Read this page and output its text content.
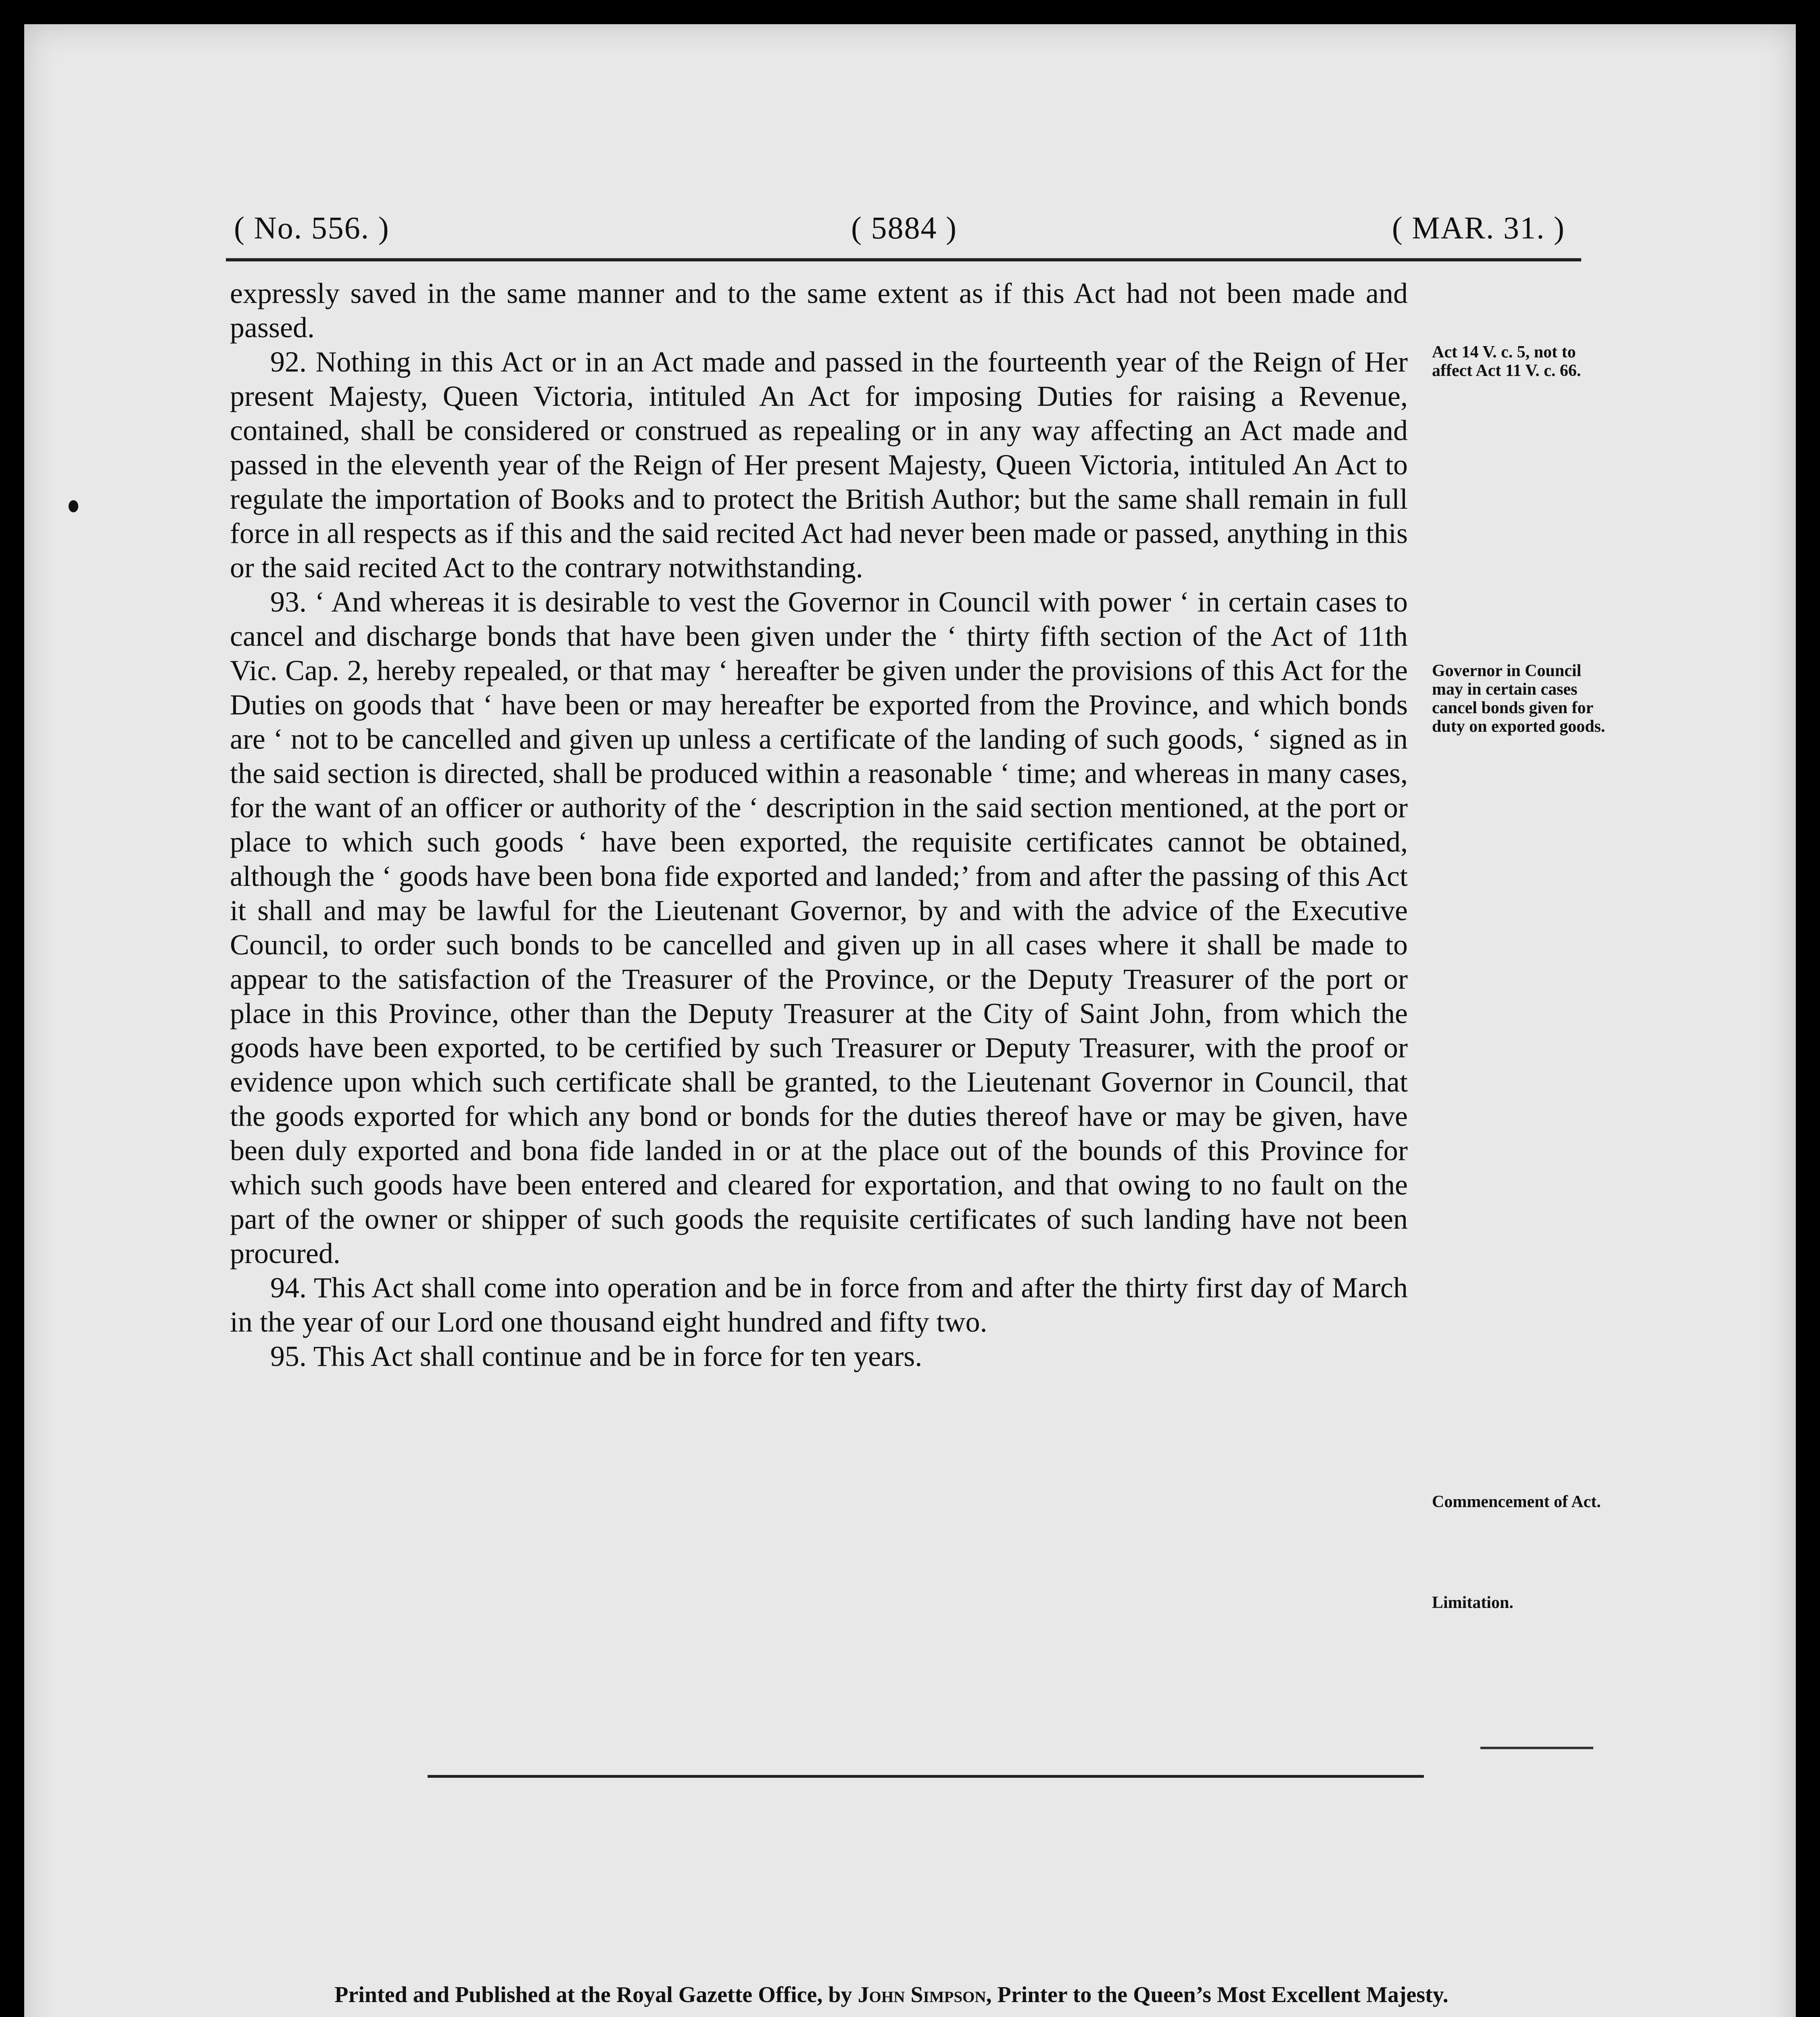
( No. 556. )	( 5884 )	( MAR. 31. )

expressly saved in the same manner and to the same extent as if this Act had not been made and passed.

92. Nothing in this Act or in an Act made and passed in the fourteenth year of the Reign of Her present Majesty, Queen Victoria, intituled An Act for imposing Duties for raising a Revenue, contained, shall be considered or construed as repealing or in any way affecting an Act made and passed in the eleventh year of the Reign of Her present Majesty, Queen Victoria, intituled An Act to regulate the importation of Books and to protect the British Author; but the same shall remain in full force in all respects as if this and the said recited Act had never been made or passed, anything in this or the said recited Act to the contrary notwithstanding.

93. ‘ And whereas it is desirable to vest the Governor in Council with power ‘ in certain cases to cancel and discharge bonds that have been given under the ‘ thirty fifth section of the Act of 11th Vic. Cap. 2, hereby repealed, or that may ‘ hereafter be given under the provisions of this Act for the Duties on goods that ‘ have been or may hereafter be exported from the Province, and which bonds are ‘ not to be cancelled and given up unless a certificate of the landing of such goods, ‘ signed as in the said section is directed, shall be produced within a reasonable ‘ time; and whereas in many cases, for the want of an officer or authority of the ‘ description in the said section mentioned, at the port or place to which such goods ‘ have been exported, the requisite certificates cannot be obtained, although the ‘ goods have been bona fide exported and landed;’ from and after the passing of this Act it shall and may be lawful for the Lieutenant Governor, by and with the advice of the Executive Council, to order such bonds to be cancelled and given up in all cases where it shall be made to appear to the satisfaction of the Treasurer of the Province, or the Deputy Treasurer of the port or place in this Province, other than the Deputy Treasurer at the City of Saint John, from which the goods have been exported, to be certified by such Treasurer or Deputy Treasurer, with the proof or evidence upon which such certificate shall be granted, to the Lieutenant Governor in Council, that the goods exported for which any bond or bonds for the duties thereof have or may be given, have been duly exported and bona fide landed in or at the place out of the bounds of this Province for which such goods have been entered and cleared for exportation, and that owing to no fault on the part of the owner or shipper of such goods the requisite certificates of such landing have not been procured.

94. This Act shall come into operation and be in force from and after the thirty first day of March in the year of our Lord one thousand eight hundred and fifty two.

95. This Act shall continue and be in force for ten years.

Act 14 V. c. 5, not to affect Act 11 V. c. 66.
Governor in Council may in certain cases cancel bonds given for duty on exported goods.
Commencement of Act.
Limitation.
Printed and Published at the Royal Gazette Office, by John Simpson, Printer to the Queen’s Most Excellent Majesty.
